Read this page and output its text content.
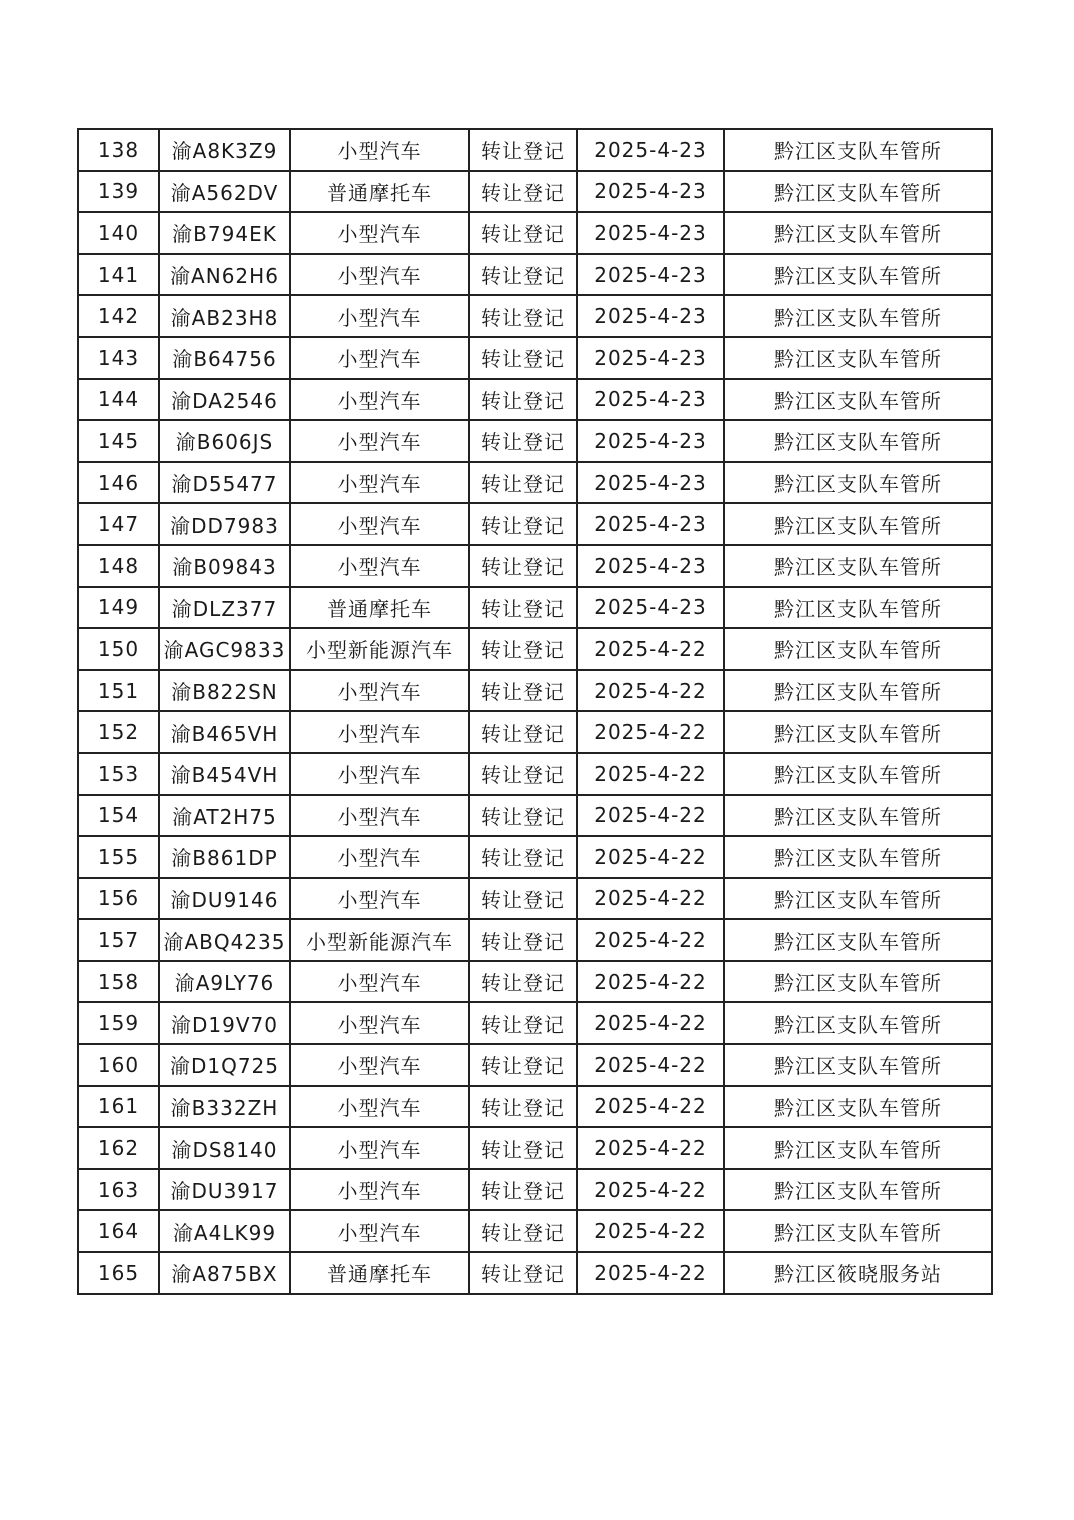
138	渝A8K3Z9	小型汽车	转让登记	2025-4-23	黔江区支队车管所
139	渝A562DV	普通摩托车	转让登记	2025-4-23	黔江区支队车管所
140	渝B794EK	小型汽车	转让登记	2025-4-23	黔江区支队车管所
141	渝AN62H6	小型汽车	转让登记	2025-4-23	黔江区支队车管所
142	渝AB23H8	小型汽车	转让登记	2025-4-23	黔江区支队车管所
143	渝B64756	小型汽车	转让登记	2025-4-23	黔江区支队车管所
144	渝DA2546	小型汽车	转让登记	2025-4-23	黔江区支队车管所
145	渝B606JS	小型汽车	转让登记	2025-4-23	黔江区支队车管所
146	渝D55477	小型汽车	转让登记	2025-4-23	黔江区支队车管所
147	渝DD7983	小型汽车	转让登记	2025-4-23	黔江区支队车管所
148	渝B09843	小型汽车	转让登记	2025-4-23	黔江区支队车管所
149	渝DLZ377	普通摩托车	转让登记	2025-4-23	黔江区支队车管所
150	渝AGC9833	小型新能源汽车	转让登记	2025-4-22	黔江区支队车管所
151	渝B822SN	小型汽车	转让登记	2025-4-22	黔江区支队车管所
152	渝B465VH	小型汽车	转让登记	2025-4-22	黔江区支队车管所
153	渝B454VH	小型汽车	转让登记	2025-4-22	黔江区支队车管所
154	渝AT2H75	小型汽车	转让登记	2025-4-22	黔江区支队车管所
155	渝B861DP	小型汽车	转让登记	2025-4-22	黔江区支队车管所
156	渝DU9146	小型汽车	转让登记	2025-4-22	黔江区支队车管所
157	渝ABQ4235	小型新能源汽车	转让登记	2025-4-22	黔江区支队车管所
158	渝A9LY76	小型汽车	转让登记	2025-4-22	黔江区支队车管所
159	渝D19V70	小型汽车	转让登记	2025-4-22	黔江区支队车管所
160	渝D1Q725	小型汽车	转让登记	2025-4-22	黔江区支队车管所
161	渝B332ZH	小型汽车	转让登记	2025-4-22	黔江区支队车管所
162	渝DS8140	小型汽车	转让登记	2025-4-22	黔江区支队车管所
163	渝DU3917	小型汽车	转让登记	2025-4-22	黔江区支队车管所
164	渝A4LK99	小型汽车	转让登记	2025-4-22	黔江区支队车管所
165	渝A875BX	普通摩托车	转让登记	2025-4-22	黔江区筱晓服务站
